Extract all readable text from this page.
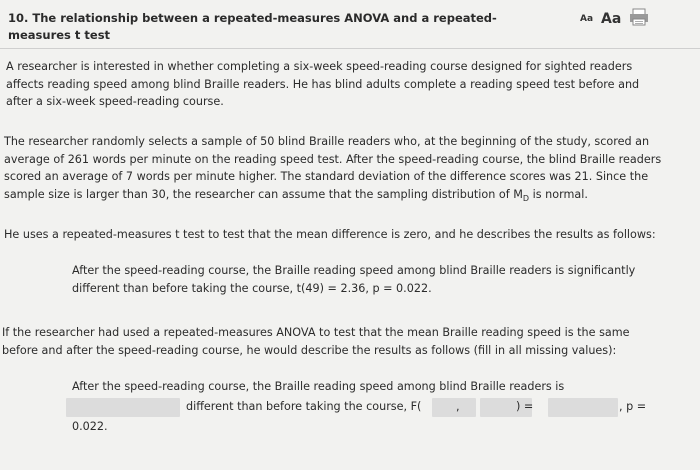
10. The relationship between a repeated-measures ANOVA and a repeated-measures t test
Aa Aa

A researcher is interested in whether completing a six-week speed-reading course designed for sighted readers affects reading speed among blind Braille readers. He has blind adults complete a reading speed test before and after a six-week speed-reading course.

The researcher randomly selects a sample of 50 blind Braille readers who, at the beginning of the study, scored an average of 261 words per minute on the reading speed test. After the speed-reading course, the blind Braille readers scored an average of 7 words per minute higher. The standard deviation of the difference scores was 21. Since the sample size is larger than 30, the researcher can assume that the sampling distribution of $M_D$ is normal.

He uses a repeated-measures t test to test that the mean difference is zero, and he describes the results as follows:

After the speed-reading course, the Braille reading speed among blind Braille readers is significantly different than before taking the course, t(49) = 2.36, p = 0.022.

If the researcher had used a repeated-measures ANOVA to test that the mean Braille reading speed is the same before and after the speed-reading course, he would describe the results as follows (fill in all missing values):

After the speed-reading course, the Braille reading speed among blind Braille readers is
different than before taking the course, F(	,	) =	, p =
0.022.
